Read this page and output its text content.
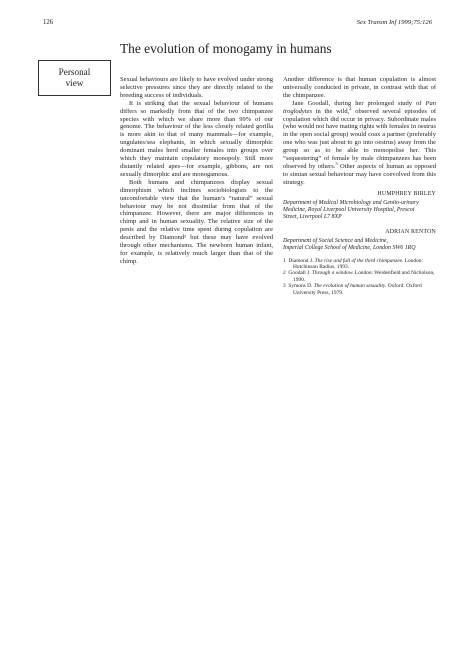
126	Sex Transm Inf 1999;75:126
Personal
view
The evolution of monogamy in humans

Sexual behaviours are likely to have evolved under strong selective pressures since they are directly related to the breeding success of individuals.

It is striking that the sexual behaviour of humans differs so markedly from that of the two chimpanzee species with which we share more than 99% of our genome. The behaviour of the less closely related gorilla is more akin to that of many mammals—for example, ungulates/sea elephants, in which sexually dimorphic dominant males herd smaller females into groups over which they maintain copulatory monopoly. Still more distantly related apes—for example, gibbons, are not sexually dimorphic and are monogamous.

Both humans and chimpanzees display sexual dimorphism which inclines sociobiologists to the uncomfortable view that the human’s “natural” sexual behaviour may be not dissimilar from that of the chimpanzee. However, there are major differences in chimp and in human sexuality. The relative size of the penis and the relative time spent during copulation are described by Diamond¹ but these may have evolved through other mechanisms. The newborn human infant, for example, is relatively much larger than that of the chimp.

Another difference is that human copulation is almost universally conducted in private, in contrast with that of the chimpanzee.

Jane Goodall, during her prolonged study of Pan troglodytes in the wild,$^2$ observed several episodes of copulation which did occur in privacy. Subordinate males (who would not have mating rights with females in oestrus in the open social group) would coax a partner (preferably one who was just about to go into oestrus) away from the group so as to be able to monopolise her. This “sequestering” of female by male chimpanzees has been observed by others.$^3$ Other aspects of human as opposed to simian sexual behaviour may have coevolved from this strategy.

HUMPHREY BIRLEY
Department of Medical Microbiology and Genito-urinary
Medicine, Royal Liverpool University Hospital, Prescot
Street, Liverpool L7 8XP
ADRIAN RENTON
Department of Social Science and Medicine,
Imperial College School of Medicine, London SW6 1RQ
1 Diamond J. The rise and fall of the third chimpanzee. London: Hutchinson Radius, 1993.
2 Goodall J. Through a window. London: Weidenfield and Nicholson, 1990.
3 Symons D. The evolution of human sexuality. Oxford: Oxford University Press, 1979.
